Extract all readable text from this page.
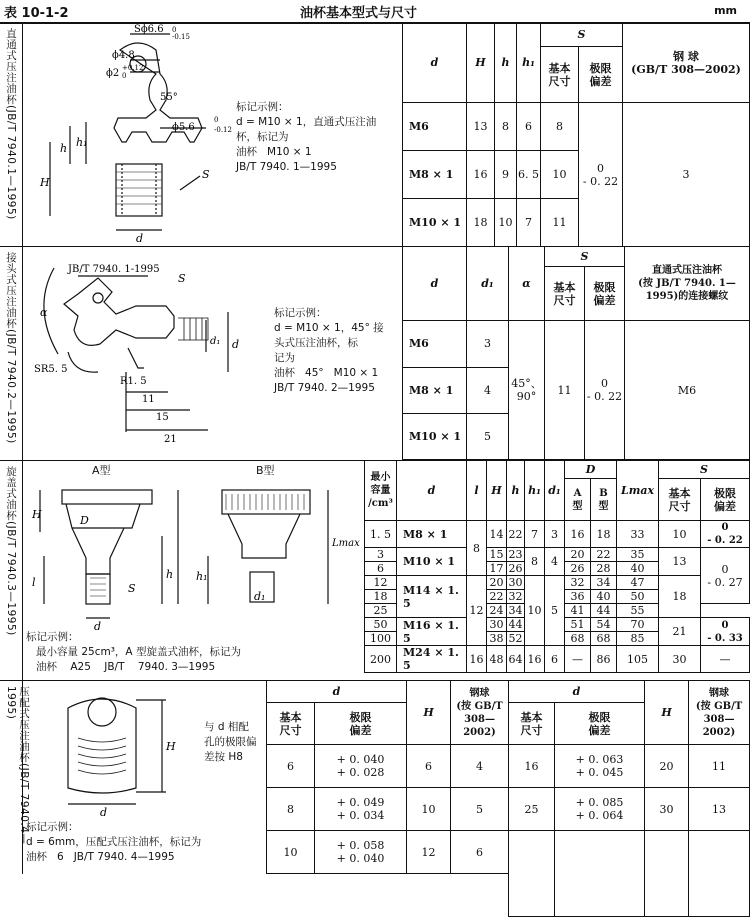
表 10-1-2	油杯基本型式与尺寸	mm
直通式压注油杯(JB/T 7940.1—1995)	Sϕ6.6 0
-0.15
ϕ4.8
ϕ2 +0.12
0
55°
ϕ5.6
0
-0.12
H
h h₁
S
d
标记示例：
d = M10 × 1，直通式压注油
杯，标记为
油杯   M10 × 1
JB/T 7940. 1—1995
d	H	h	h₁	S		钢 球
(GB/T 308—2002)
				基本
尺寸	极限
偏差	
M6	13	8	6	8	0
- 0. 22	3
M8 × 1	16	9	6. 5	10		
M10 × 1	18	10	7	11		
接头式压注油杯(JB/T 7940.2—1995)	JB/T 7940. 1-1995
S
α
SR5. 5
R1. 5
11
15
21
d₁ d
标记示例：
d = M10 × 1，45° 接
头式压注油杯，标
记为
油杯   45°   M10 × 1
JB/T 7940. 2—1995
d	d₁	α	S		直通式压注油杯
(按 JB/T 7940. 1—
1995)的连接螺纹
			基本
尺寸	极限
偏差	
M6	3	45°、
90°	11	0
- 0. 22	M6
M8 × 1	4				
M10 × 1	5				
旋盖式油杯(JB/T 7940.3—1995)	A型	B型
H	D
h
l	h₁
d₁
S
d
Lmax
标记示例：
最小容量 25cm³，A 型旋盖式油杯，标记为
油杯    A25    JB/T    7940. 3—1995
最小
容量
/cm³	d	l	H	h	h₁	d₁	D		Lmax	S	
							A
型	B
型		基本
尺寸	极限
偏差
1. 5	M8 × 1	8	14	22	7	3	16	18	33	10	0
- 0. 22
3	M10 × 1		15	23	8	4	20	22	35	13	0
- 0. 27
6			17	26			26	28	40		
12	M14 × 1. 5	12	20	30	10	5	32	34	47	18	
18			22	32			36	40	50		
25			24	34			41	44	55		
50	M16 × 1. 5		30	44			51	54	70	21	0
- 0. 33
100			38	52			68	68	85		
200	M24 × 1. 5	16	48	64	16	6	—	86	105	30	—
压配式压注油杯(JB/T 7940.4—1995)
H
d
与 d 相配
孔的极限偏
差按 H8
标记示例：
d = 6mm，压配式压注油杯，标记为
油杯   6   JB/T 7940. 4—1995
d		H	钢球
(按 GB/T
308—2002)
基本
尺寸	极限
偏差		
6	+ 0. 040
+ 0. 028	6	4
8	+ 0. 049
+ 0. 034	10	5
10	+ 0. 058
+ 0. 040	12	6
d		H	钢球
(按 GB/T
308—2002)
基本
尺寸	极限
偏差		
16	+ 0. 063
+ 0. 045	20	11
25	+ 0. 085
+ 0. 064	30	13
